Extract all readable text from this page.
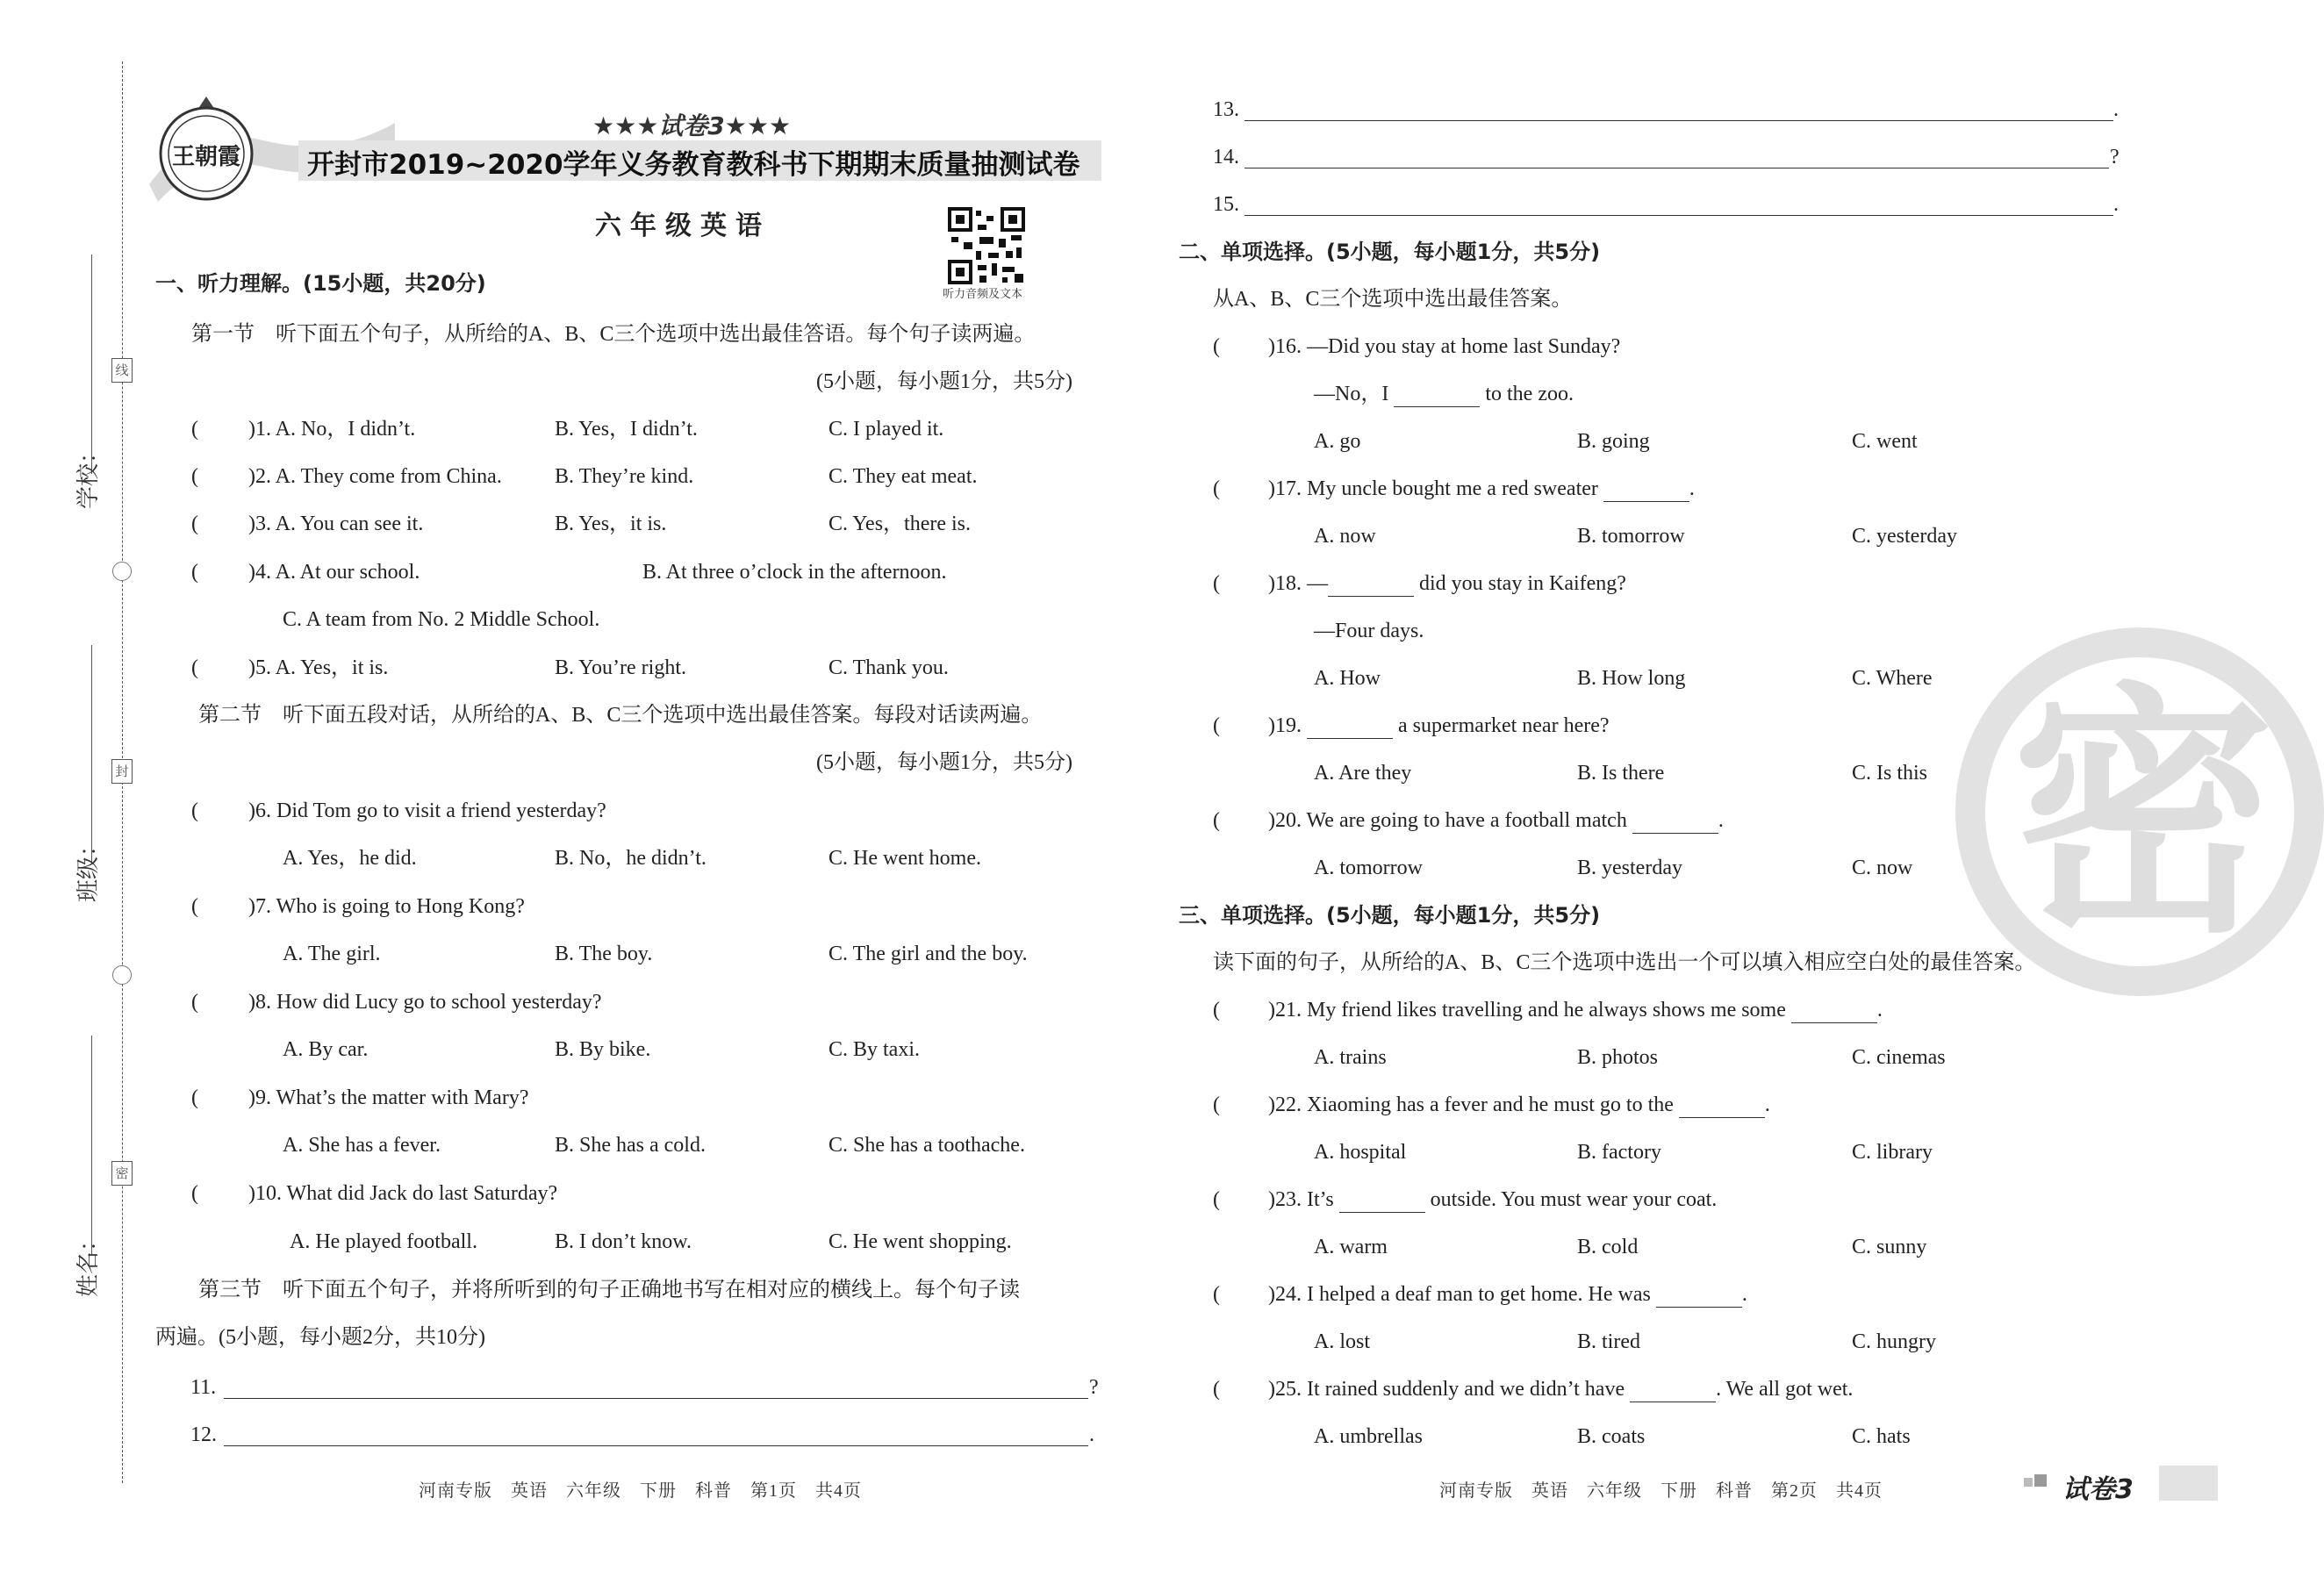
学校：
班级：
姓名：
线
封
密
王朝霞
★★★试卷3★★★
开封市2019~2020学年义务教育教科书下期期末质量抽测试卷
六年级英语
听力音频及文本
一、听力理解。(15小题，共20分)
第一节　听下面五个句子，从所给的A、B、C三个选项中选出最佳答语。每个句子读两遍。
(5小题，每小题1分，共5分)
( )1. A. No，I didn’t.	B. Yes，I didn’t.	C. I played it.
( )2. A. They come from China.	B. They’re kind.	C. They eat meat.
( )3. A. You can see it.	B. Yes，it is.	C. Yes，there is.
( )4. A. At our school.	B. At three o’clock in the afternoon.
C. A team from No. 2 Middle School.
( )5. A. Yes，it is.	B. You’re right.	C. Thank you.
第二节　听下面五段对话，从所给的A、B、C三个选项中选出最佳答案。每段对话读两遍。
(5小题，每小题1分，共5分)
( )6. Did Tom go to visit a friend yesterday?
A. Yes，he did.	B. No，he didn’t.	C. He went home.
( )7. Who is going to Hong Kong?
A. The girl.	B. The boy.	C. The girl and the boy.
( )8. How did Lucy go to school yesterday?
A. By car.	B. By bike.	C. By taxi.
( )9. What’s the matter with Mary?
A. She has a fever.	B. She has a cold.	C. She has a toothache.
( )10. What did Jack do last Saturday?
A. He played football.	B. I don’t know.	C. He went shopping.
第三节　听下面五个句子，并将所听到的句子正确地书写在相对应的横线上。每个句子读
两遍。(5小题，每小题2分，共10分)
11.	?
12.	.
河南专版　英语　六年级　下册　科普　第1页　共4页
13.	.
14.	?
15.	.
二、单项选择。(5小题，每小题1分，共5分)
从A、B、C三个选项中选出最佳答案。
( )16. —Did you stay at home last Sunday?
—No，I	to the zoo.
A. go	B. going	C. went
( )17. My uncle bought me a red sweater	.
A. now	B. tomorrow	C. yesterday
( )18. —	did you stay in Kaifeng?
—Four days.
A. How	B. How long	C. Where
( )19.	a supermarket near here?
A. Are they	B. Is there	C. Is this
( )20. We are going to have a football match	.
A. tomorrow	B. yesterday	C. now
三、单项选择。(5小题，每小题1分，共5分)
读下面的句子，从所给的A、B、C三个选项中选出一个可以填入相应空白处的最佳答案。
( )21. My friend likes travelling and he always shows me some	.
A. trains	B. photos	C. cinemas
( )22. Xiaoming has a fever and he must go to the	.
A. hospital	B. factory	C. library
( )23. It’s	outside. You must wear your coat.
A. warm	B. cold	C. sunny
( )24. I helped a deaf man to get home. He was	.
A. lost	B. tired	C. hungry
( )25. It rained suddenly and we didn’t have	. We all got wet.
A. umbrellas	B. coats	C. hats
河南专版　英语　六年级　下册　科普　第2页　共4页
密
试卷3
